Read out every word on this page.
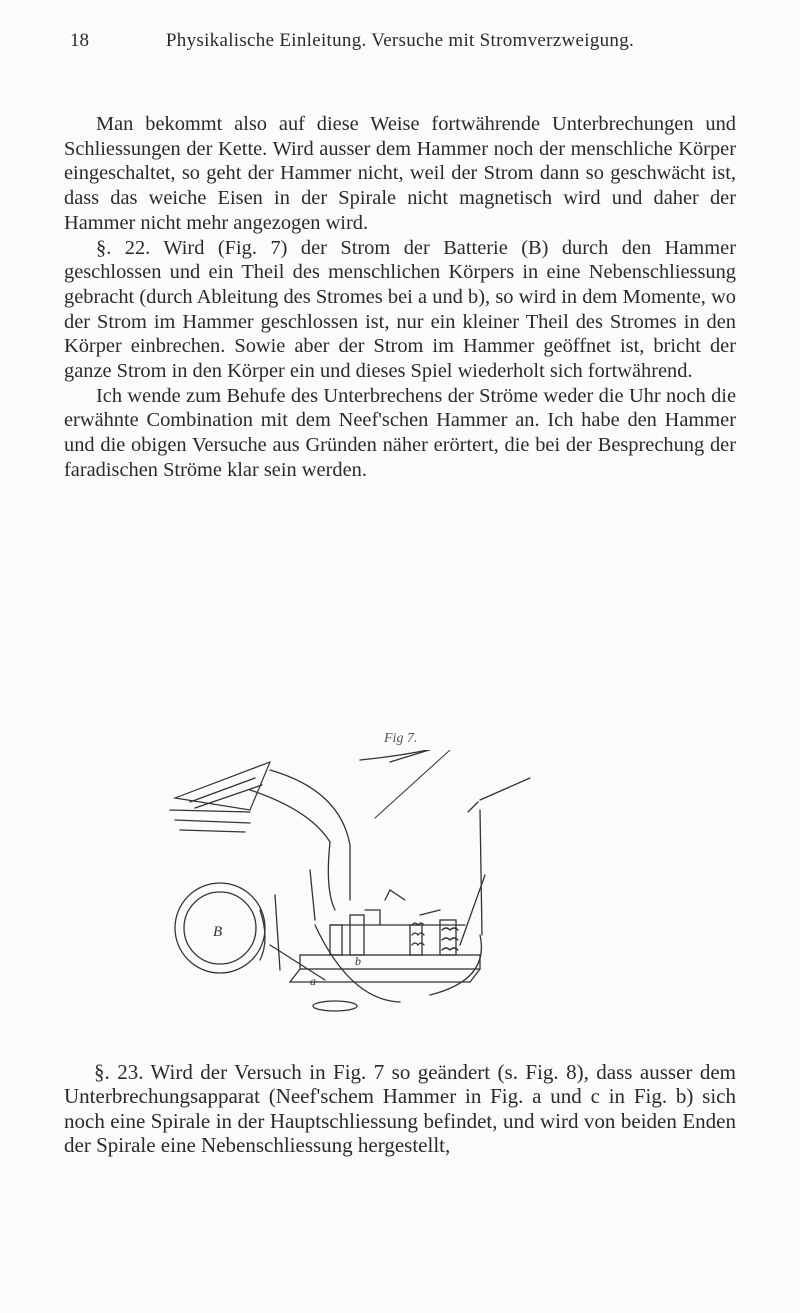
18	Physikalische Einleitung. Versuche mit Stromverzweigung.

Man bekommt also auf diese Weise fortwährende Unterbrechungen und Schliessungen der Kette. Wird ausser dem Hammer noch der menschliche Körper eingeschaltet, so geht der Hammer nicht, weil der Strom dann so geschwächt ist, dass das weiche Eisen in der Spirale nicht magnetisch wird und daher der Hammer nicht mehr angezogen wird.

§. 22. Wird (Fig. 7) der Strom der Batterie (B) durch den Hammer geschlossen und ein Theil des menschlichen Körpers in eine Nebenschliessung gebracht (durch Ableitung des Stromes bei a und b), so wird in dem Momente, wo der Strom im Hammer geschlossen ist, nur ein kleiner Theil des Stromes in den Körper einbrechen. Sowie aber der Strom im Hammer geöffnet ist, bricht der ganze Strom in den Körper ein und dieses Spiel wiederholt sich fortwährend.

Ich wende zum Behufe des Unterbrechens der Ströme weder die Uhr noch die erwähnte Combination mit dem Neef'schen Hammer an. Ich habe den Hammer und die obigen Versuche aus Gründen näher erörtert, die bei der Besprechung der faradischen Ströme klar sein werden.

Fig 7.
B
a
b

§. 23. Wird der Versuch in Fig. 7 so geändert (s. Fig. 8), dass ausser dem Unterbrechungsapparat (Neef'schem Hammer in Fig. a und c in Fig. b) sich noch eine Spirale in der Hauptschliessung befindet, und wird von beiden Enden der Spirale eine Nebenschliessung hergestellt,
